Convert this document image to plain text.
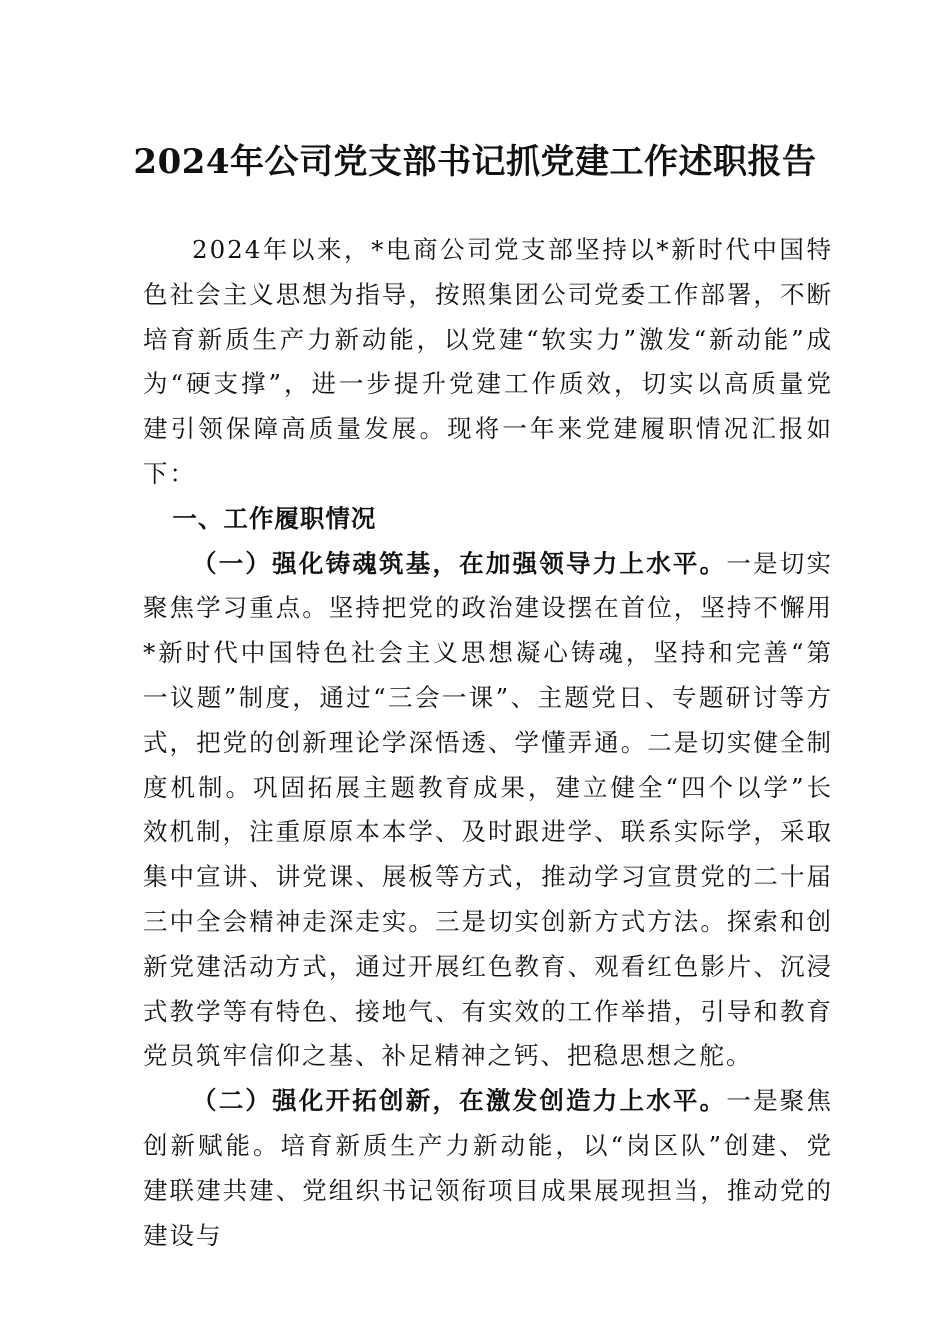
2024年公司党支部书记抓党建工作述职报告

2024年以来，*电商公司党支部坚持以*新时代中国特色社会主义思想为指导，按照集团公司党委工作部署，不断培育新质生产力新动能，以党建“软实力”激发“新动能”成为“硬支撑”，进一步提升党建工作质效，切实以高质量党建引领保障高质量发展。现将一年来党建履职情况汇报如下：

一、工作履职情况

（一）强化铸魂筑基，在加强领导力上水平。一是切实聚焦学习重点。坚持把党的政治建设摆在首位，坚持不懈用*新时代中国特色社会主义思想凝心铸魂，坚持和完善“第一议题”制度，通过“三会一课”、主题党日、专题研讨等方式，把党的创新理论学深悟透、学懂弄通。二是切实健全制度机制。巩固拓展主题教育成果，建立健全“四个以学”长效机制，注重原原本本学、及时跟进学、联系实际学，采取集中宣讲、讲党课、展板等方式，推动学习宣贯党的二十届三中全会精神走深走实。三是切实创新方式方法。探索和创新党建活动方式，通过开展红色教育、观看红色影片、沉浸式教学等有特色、接地气、有实效的工作举措，引导和教育党员筑牢信仰之基、补足精神之钙、把稳思想之舵。

（二）强化开拓创新，在激发创造力上水平。一是聚焦创新赋能。培育新质生产力新动能，以“岗区队”创建、党建联建共建、党组织书记领衔项目成果展现担当，推动党的建设与
